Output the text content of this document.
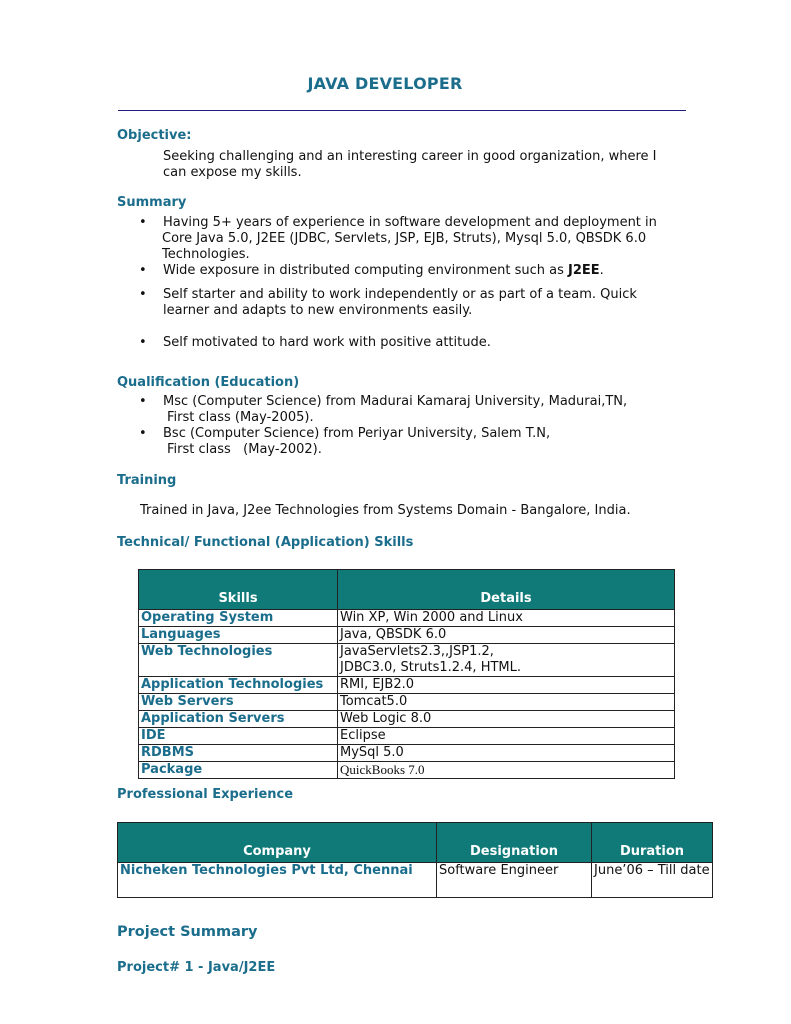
JAVA DEVELOPER
Objective:
Seeking challenging and an interesting career in good organization, where I
can expose my skills.
Summary
• Having 5+ years of experience in software development and deployment in
Core Java 5.0, J2EE (JDBC, Servlets, JSP, EJB, Struts), Mysql 5.0, QBSDK 6.0
Technologies.
• Wide exposure in distributed computing environment such as J2EE.
• Self starter and ability to work independently or as part of a team. Quick
learner and adapts to new environments easily.
• Self motivated to hard work with positive attitude.
Qualification (Education)
• Msc (Computer Science) from Madurai Kamaraj University, Madurai,TN,
First class (May-2005).
• Bsc (Computer Science) from Periyar University, Salem T.N,
First class   (May-2002).
Training
Trained in Java, J2ee Technologies from Systems Domain - Bangalore, India.
Technical/ Functional (Application) Skills
Skills	Details
Operating System	Win XP, Win 2000 and Linux
Languages	Java, QBSDK 6.0
Web Technologies	JavaServlets2.3,,JSP1.2,
JDBC3.0, Struts1.2.4, HTML.

Application Technologies	RMI, EJB2.0
Web Servers	Tomcat5.0
Application Servers	Web Logic 8.0
IDE	Eclipse
RDBMS	MySql 5.0
Package	QuickBooks 7.0
Professional Experience
Company	Designation	Duration
Nicheken Technologies Pvt Ltd, Chennai	Software Engineer	June’06 – Till date
Project Summary
Project# 1 - Java/J2EE
